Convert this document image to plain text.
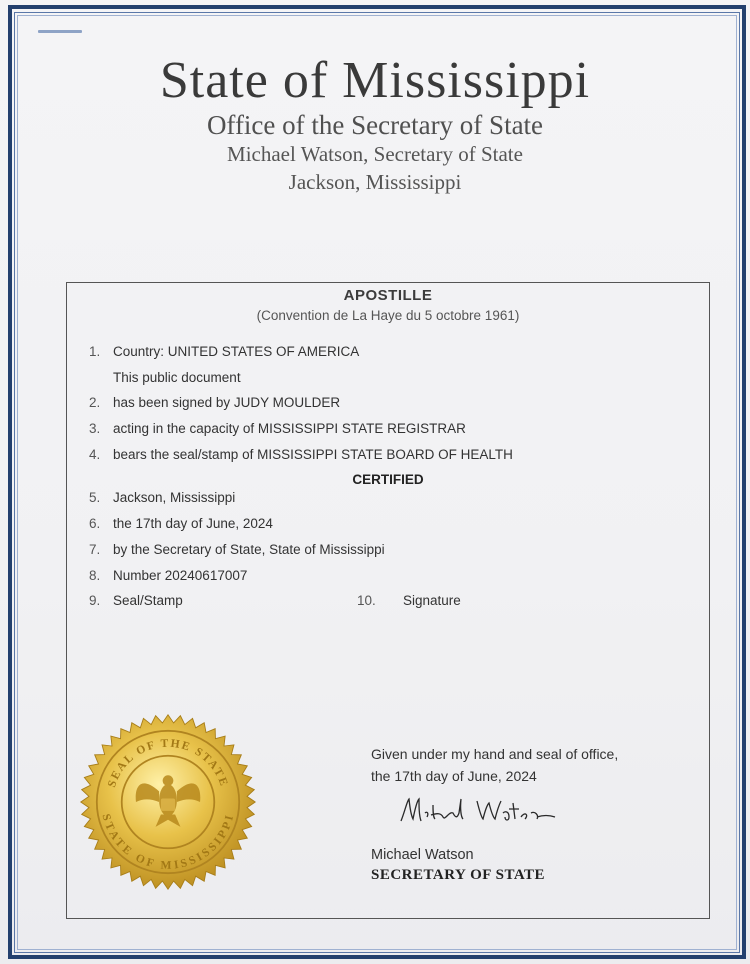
State of Mississippi
Office of the Secretary of State
Michael Watson, Secretary of State
Jackson, Mississippi
APOSTILLE
(Convention de La Haye du 5 octobre 1961)
1. Country: UNITED STATES OF AMERICA
This public document
2. has been signed by JUDY MOULDER
3. acting in the capacity of MISSISSIPPI STATE REGISTRAR
4. bears the seal/stamp of MISSISSIPPI STATE BOARD OF HEALTH
CERTIFIED
5. Jackson, Mississippi
6. the 17th day of June, 2024
7. by the Secretary of State, State of Mississippi
8. Number 20240617007
9. Seal/Stamp	10. Signature
SEAL OF THE STATE
STATE OF MISSISSIPPI
Given under my hand and seal of office,
the 17th day of June, 2024
Michael Watson
SECRETARY OF STATE
